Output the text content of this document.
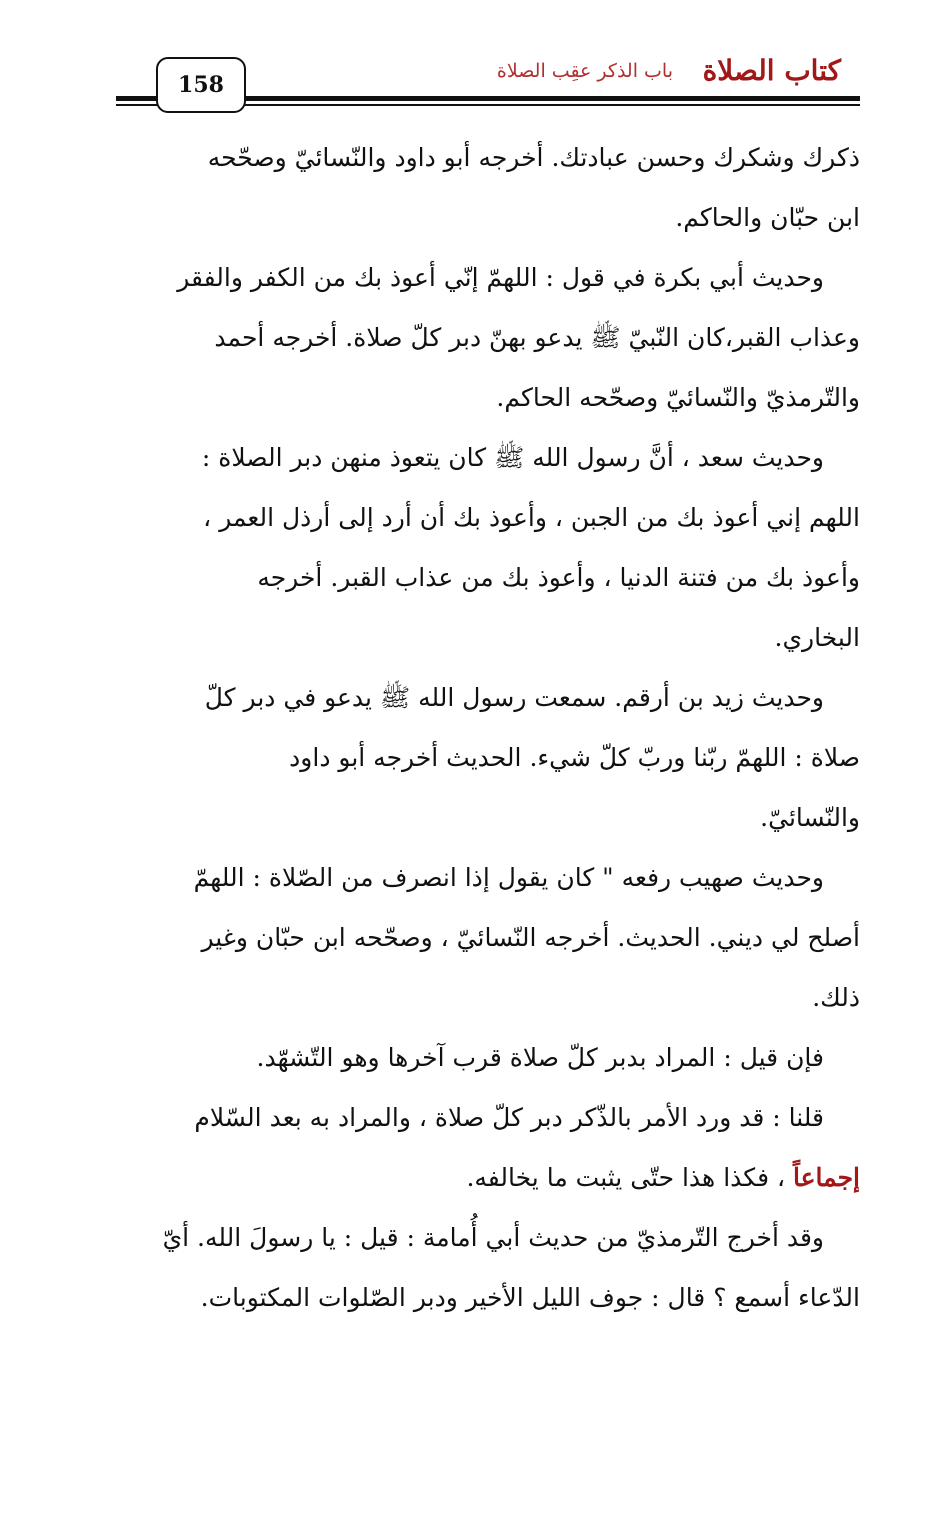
158	كتاب الصلاة
باب الذكر عقِب الصلاة

ذكرك وشكرك وحسن عبادتك. أخرجه أبو داود والنّسائيّ وصحّحه
ابن حبّان والحاكم.

وحديث أبي بكرة في قول : اللهمّ إنّي أعوذ بك من الكفر والفقر
وعذاب القبر،كان النّبيّ ﷺ يدعو بهنّ دبر كلّ صلاة. أخرجه أحمد
والتّرمذيّ والنّسائيّ وصحّحه الحاكم.

وحديث سعد ، أنَّ رسول الله ﷺ كان يتعوذ منهن دبر الصلاة :
اللهم إني أعوذ بك من الجبن ، وأعوذ بك أن أرد إلى أرذل العمر ،
وأعوذ بك من فتنة الدنيا ، وأعوذ بك من عذاب القبر. أخرجه
البخاري.

وحديث زيد بن أرقم. سمعت رسول الله ﷺ يدعو في دبر كلّ
صلاة : اللهمّ ربّنا وربّ كلّ شيء. الحديث أخرجه أبو داود
والنّسائيّ.

وحديث صهيب رفعه " كان يقول إذا انصرف من الصّلاة : اللهمّ
أصلح لي ديني. الحديث. أخرجه النّسائيّ ، وصحّحه ابن حبّان وغير
ذلك.

فإن قيل : المراد بدبر كلّ صلاة قرب آخرها وهو التّشهّد.

قلنا : قد ورد الأمر بالذّكر دبر كلّ صلاة ، والمراد به بعد السّلام
إجماعاً ، فكذا هذا حتّى يثبت ما يخالفه.

وقد أخرج التّرمذيّ من حديث أبي أُمامة : قيل : يا رسولَ الله. أيّ
الدّعاء أسمع ؟ قال : جوف الليل الأخير ودبر الصّلوات المكتوبات.
